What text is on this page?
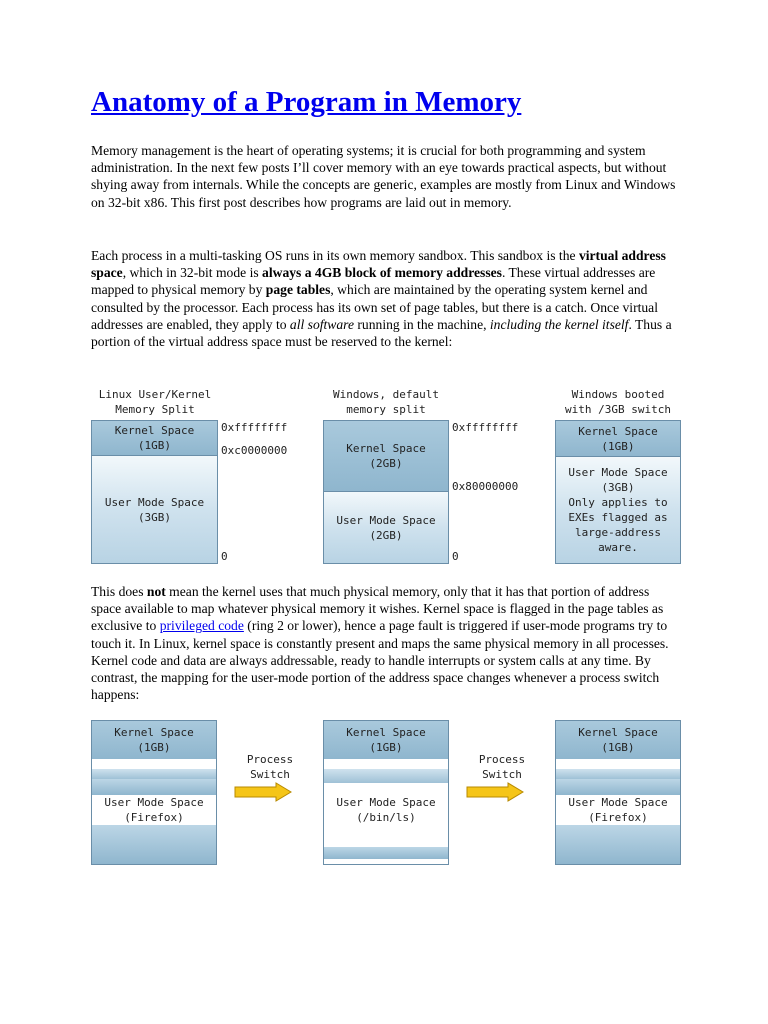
Anatomy of a Program in Memory
Memory management is the heart of operating systems; it is crucial for both programming and system administration. In the next few posts I’ll cover memory with an eye towards practical aspects, but without shying away from internals. While the concepts are generic, examples are mostly from Linux and Windows on 32-bit x86. This first post describes how programs are laid out in memory.
Each process in a multi-tasking OS runs in its own memory sandbox. This sandbox is the virtual address space, which in 32-bit mode is always a 4GB block of memory addresses. These virtual addresses are mapped to physical memory by page tables, which are maintained by the operating system kernel and consulted by the processor. Each process has its own set of page tables, but there is a catch. Once virtual addresses are enabled, they apply to all software running in the machine, including the kernel itself. Thus a portion of the virtual address space must be reserved to the kernel:
Linux User/Kernel
Memory Split
Kernel Space
(1GB)
User Mode Space
(3GB)
0xffffffff
0xc0000000
0
Windows, default
memory split
Kernel Space
(2GB)
User Mode Space
(2GB)
0xffffffff
0x80000000
0
Windows booted
with /3GB switch
Kernel Space
(1GB)
User Mode Space
(3GB)
Only applies to
EXEs flagged as
large-address
aware.
This does not mean the kernel uses that much physical memory, only that it has that portion of address space available to map whatever physical memory it wishes. Kernel space is flagged in the page tables as exclusive to privileged code (ring 2 or lower), hence a page fault is triggered if user-mode programs try to touch it. In Linux, kernel space is constantly present and maps the same physical memory in all processes. Kernel code and data are always addressable, ready to handle interrupts or system calls at any time. By contrast, the mapping for the user-mode portion of the address space changes whenever a process switch happens:
Kernel Space
(1GB)
User Mode Space
(Firefox)
Process
Switch
Kernel Space
(1GB)
User Mode Space
(/bin/ls)
Process
Switch
Kernel Space
(1GB)
User Mode Space
(Firefox)
